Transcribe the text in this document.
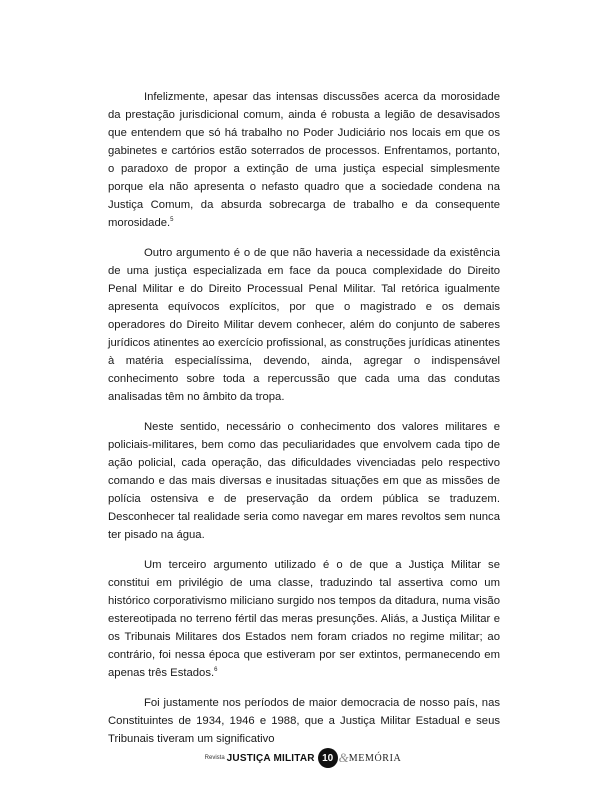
Infelizmente, apesar das intensas discussões acerca da morosidade da prestação jurisdicional comum, ainda é robusta a legião de desavisados que entendem que só há trabalho no Poder Judiciário nos locais em que os gabinetes e cartórios estão soterrados de processos. Enfrentamos, portanto, o paradoxo de propor a extinção de uma justiça especial simplesmente porque ela não apresenta o nefasto quadro que a sociedade condena na Justiça Comum, da absurda sobrecarga de trabalho e da consequente morosidade.$^5$

Outro argumento é o de que não haveria a necessidade da existência de uma justiça especializada em face da pouca complexidade do Direito Penal Militar e do Direito Processual Penal Militar. Tal retórica igualmente apresenta equívocos explícitos, por que o magistrado e os demais operadores do Direito Militar devem conhecer, além do conjunto de saberes jurídicos atinentes ao exercício profissional, as construções jurídicas atinentes à matéria especialíssima, devendo, ainda, agregar o indispensável conhecimento sobre toda a repercussão que cada uma das condutas analisadas têm no âmbito da tropa.

Neste sentido, necessário o conhecimento dos valores militares e policiais-militares, bem como das peculiaridades que envolvem cada tipo de ação policial, cada operação, das dificuldades vivenciadas pelo respectivo comando e das mais diversas e inusitadas situações em que as missões de polícia ostensiva e de preservação da ordem pública se traduzem. Desconhecer tal realidade seria como navegar em mares revoltos sem nunca ter pisado na água.

Um terceiro argumento utilizado é o de que a Justiça Militar se constitui em privilégio de uma classe, traduzindo tal assertiva como um histórico corporativismo miliciano surgido nos tempos da ditadura, numa visão estereotipada no terreno fértil das meras presunções. Aliás, a Justiça Militar e os Tribunais Militares dos Estados nem foram criados no regime militar; ao contrário, foi nessa época que estiveram por ser extintos, permanecendo em apenas três Estados.$^6$

Foi justamente nos períodos de maior democracia de nosso país, nas Constituintes de 1934, 1946 e 1988, que a Justiça Militar Estadual e seus Tribunais tiveram um significativo

Revista JUSTIÇA MILITAR 10 & MEMÓRIA
